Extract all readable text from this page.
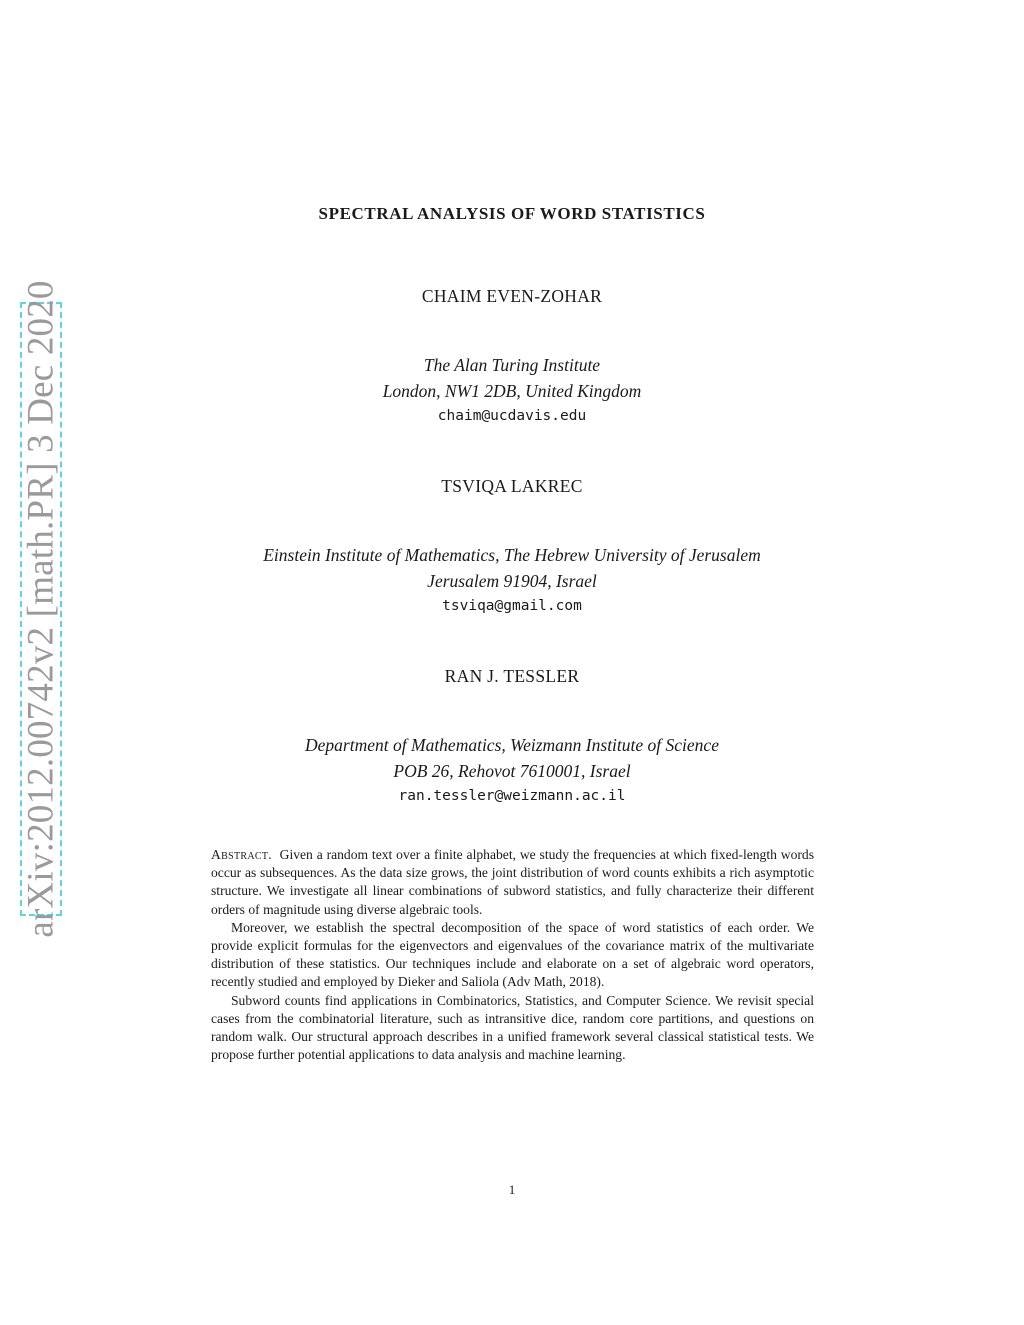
arXiv:2012.00742v2 [math.PR] 3 Dec 2020
SPECTRAL ANALYSIS OF WORD STATISTICS
CHAIM EVEN-ZOHAR
The Alan Turing Institute
London, NW1 2DB, United Kingdom
chaim@ucdavis.edu
TSVIQA LAKREC
Einstein Institute of Mathematics, The Hebrew University of Jerusalem
Jerusalem 91904, Israel
tsviqa@gmail.com
RAN J. TESSLER
Department of Mathematics, Weizmann Institute of Science
POB 26, Rehovot 7610001, Israel
ran.tessler@weizmann.ac.il

Abstract. Given a random text over a finite alphabet, we study the frequencies at which fixed-length words occur as subsequences. As the data size grows, the joint distribution of word counts exhibits a rich asymptotic structure. We investigate all linear combinations of subword statistics, and fully characterize their different orders of magnitude using diverse algebraic tools.

Moreover, we establish the spectral decomposition of the space of word statistics of each order. We provide explicit formulas for the eigenvectors and eigenvalues of the covariance matrix of the multivariate distribution of these statistics. Our techniques include and elaborate on a set of algebraic word operators, recently studied and employed by Dieker and Saliola (Adv Math, 2018).

Subword counts find applications in Combinatorics, Statistics, and Computer Science. We revisit special cases from the combinatorial literature, such as intransitive dice, random core partitions, and questions on random walk. Our structural approach describes in a unified framework several classical statistical tests. We propose further potential applications to data analysis and machine learning.

1
